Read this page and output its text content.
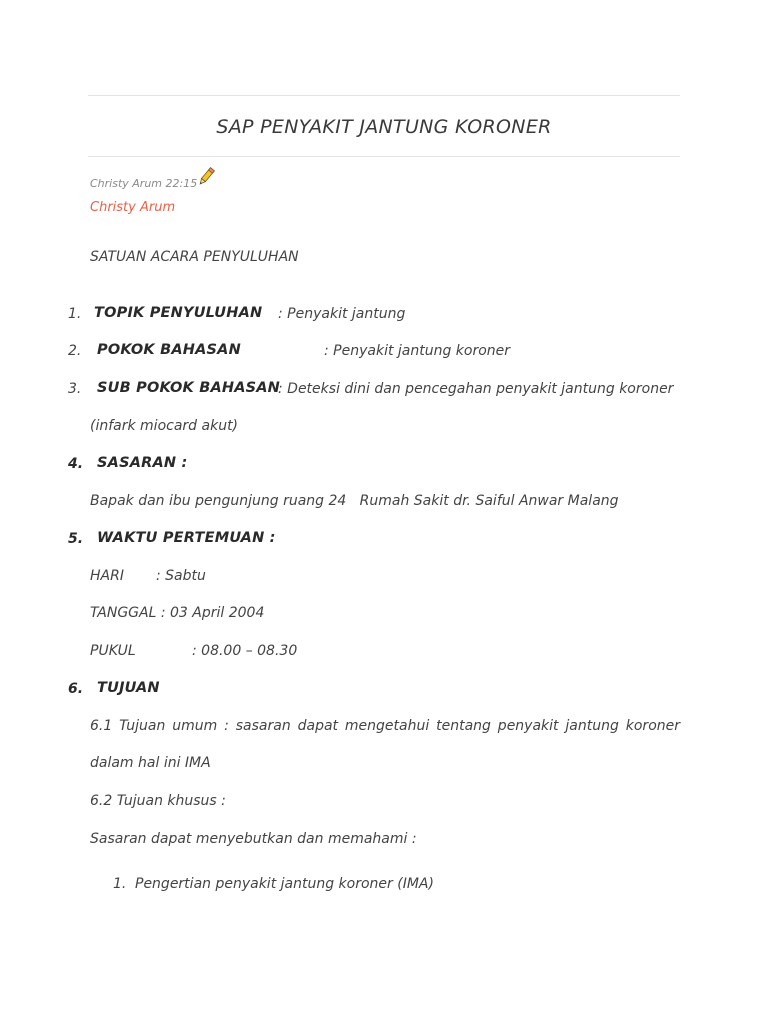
SAP PENYAKIT JANTUNG KORONER
Christy Arum 22:15
Christy Arum
SATUAN ACARA PENYULUHAN
1. TOPIK PENYULUHAN : Penyakit jantung
2. POKOK BAHASAN	: Penyakit jantung koroner
3. SUB POKOK BAHASAN
: Deteksi dini dan pencegahan penyakit jantung koroner
(infark miocard akut)
4. SASARAN :
Bapak dan ibu pengunjung ruang 24   Rumah Sakit dr. Saiful Anwar Malang
5. WAKTU PERTEMUAN :
HARI : Sabtu
TANGGAL : 03 April 2004
PUKUL	: 08.00 – 08.30
6. TUJUAN
6.1 Tujuan umum : sasaran dapat mengetahui tentang penyakit jantung koroner
dalam hal ini IMA
6.2 Tujuan khusus :
Sasaran dapat menyebutkan dan memahami :
1. Pengertian penyakit jantung koroner (IMA)
